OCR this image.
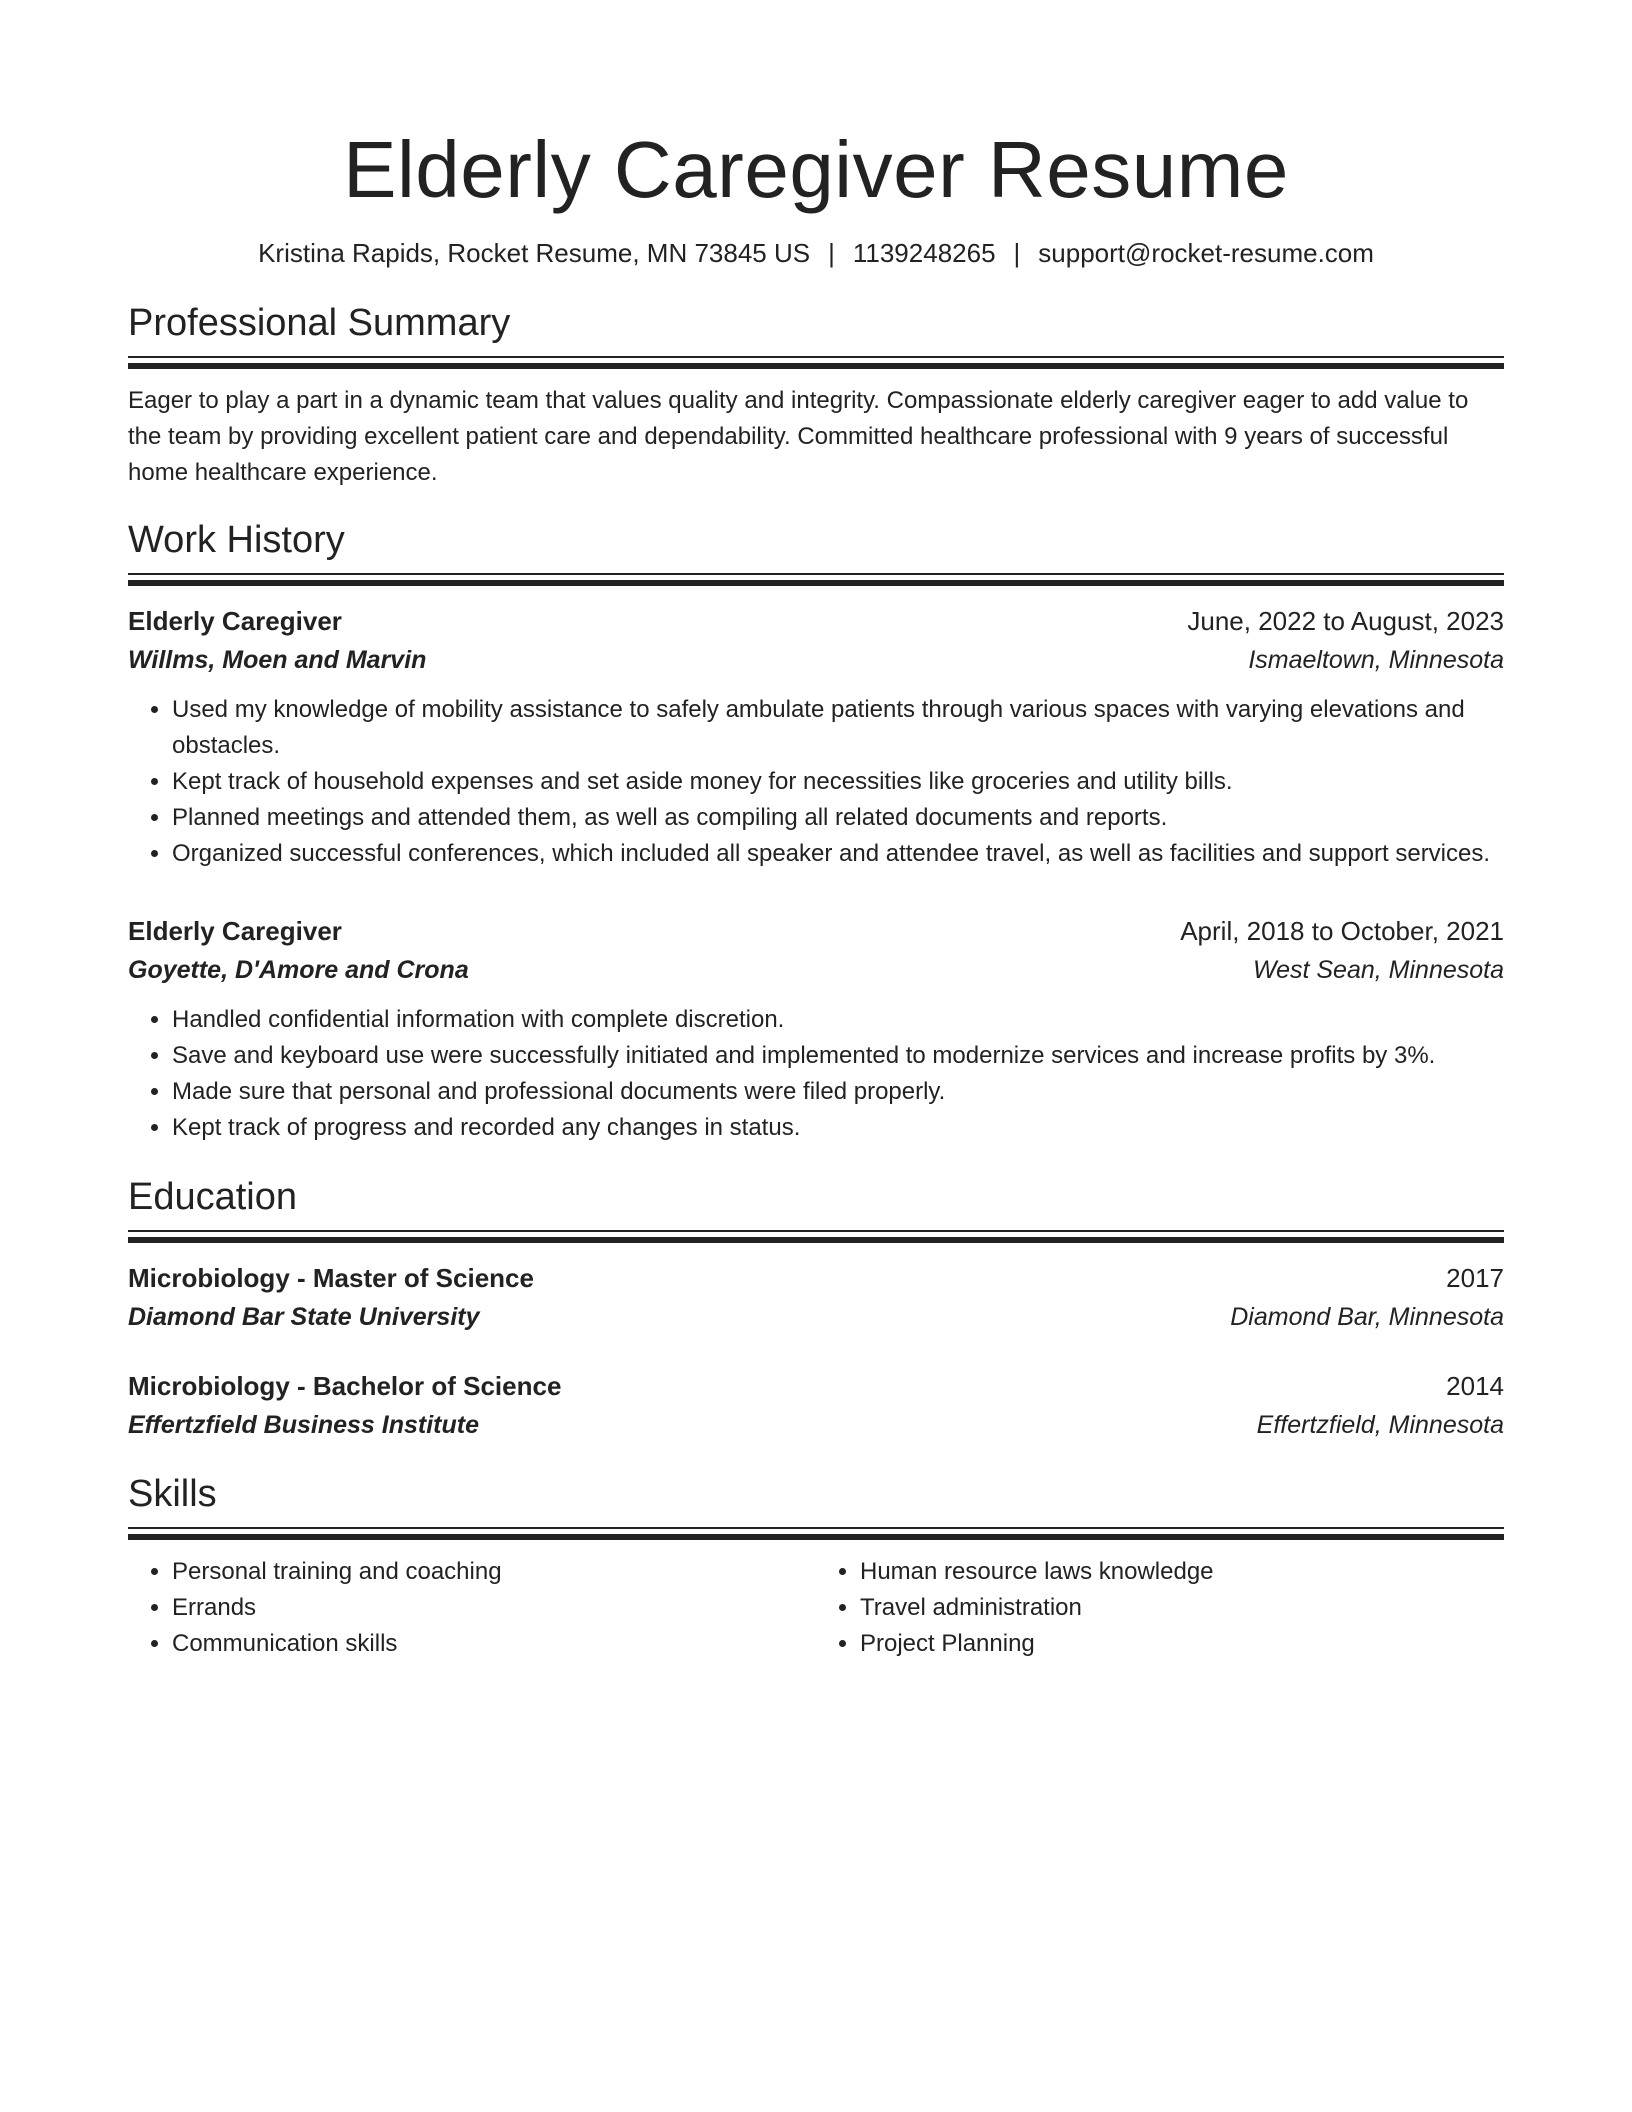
Elderly Caregiver Resume
Kristina Rapids, Rocket Resume, MN 73845 US | 1139248265 | support@rocket-resume.com
Professional Summary
Eager to play a part in a dynamic team that values quality and integrity. Compassionate elderly caregiver eager to add value to the team by providing excellent patient care and dependability. Committed healthcare professional with 9 years of successful home healthcare experience.
Work History
Elderly Caregiver	June, 2022 to August, 2023
Willms, Moen and Marvin	Ismaeltown, Minnesota
• Used my knowledge of mobility assistance to safely ambulate patients through various spaces with varying elevations and obstacles.
• Kept track of household expenses and set aside money for necessities like groceries and utility bills.
• Planned meetings and attended them, as well as compiling all related documents and reports.
• Organized successful conferences, which included all speaker and attendee travel, as well as facilities and support services.
Elderly Caregiver	April, 2018 to October, 2021
Goyette, D'Amore and Crona	West Sean, Minnesota
• Handled confidential information with complete discretion.
• Save and keyboard use were successfully initiated and implemented to modernize services and increase profits by 3%.
• Made sure that personal and professional documents were filed properly.
• Kept track of progress and recorded any changes in status.
Education
Microbiology - Master of Science	2017
Diamond Bar State University	Diamond Bar, Minnesota
Microbiology - Bachelor of Science	2014
Effertzfield Business Institute	Effertzfield, Minnesota
Skills
• Personal training and coaching
• Errands
• Communication skills
• Human resource laws knowledge
• Travel administration
• Project Planning
